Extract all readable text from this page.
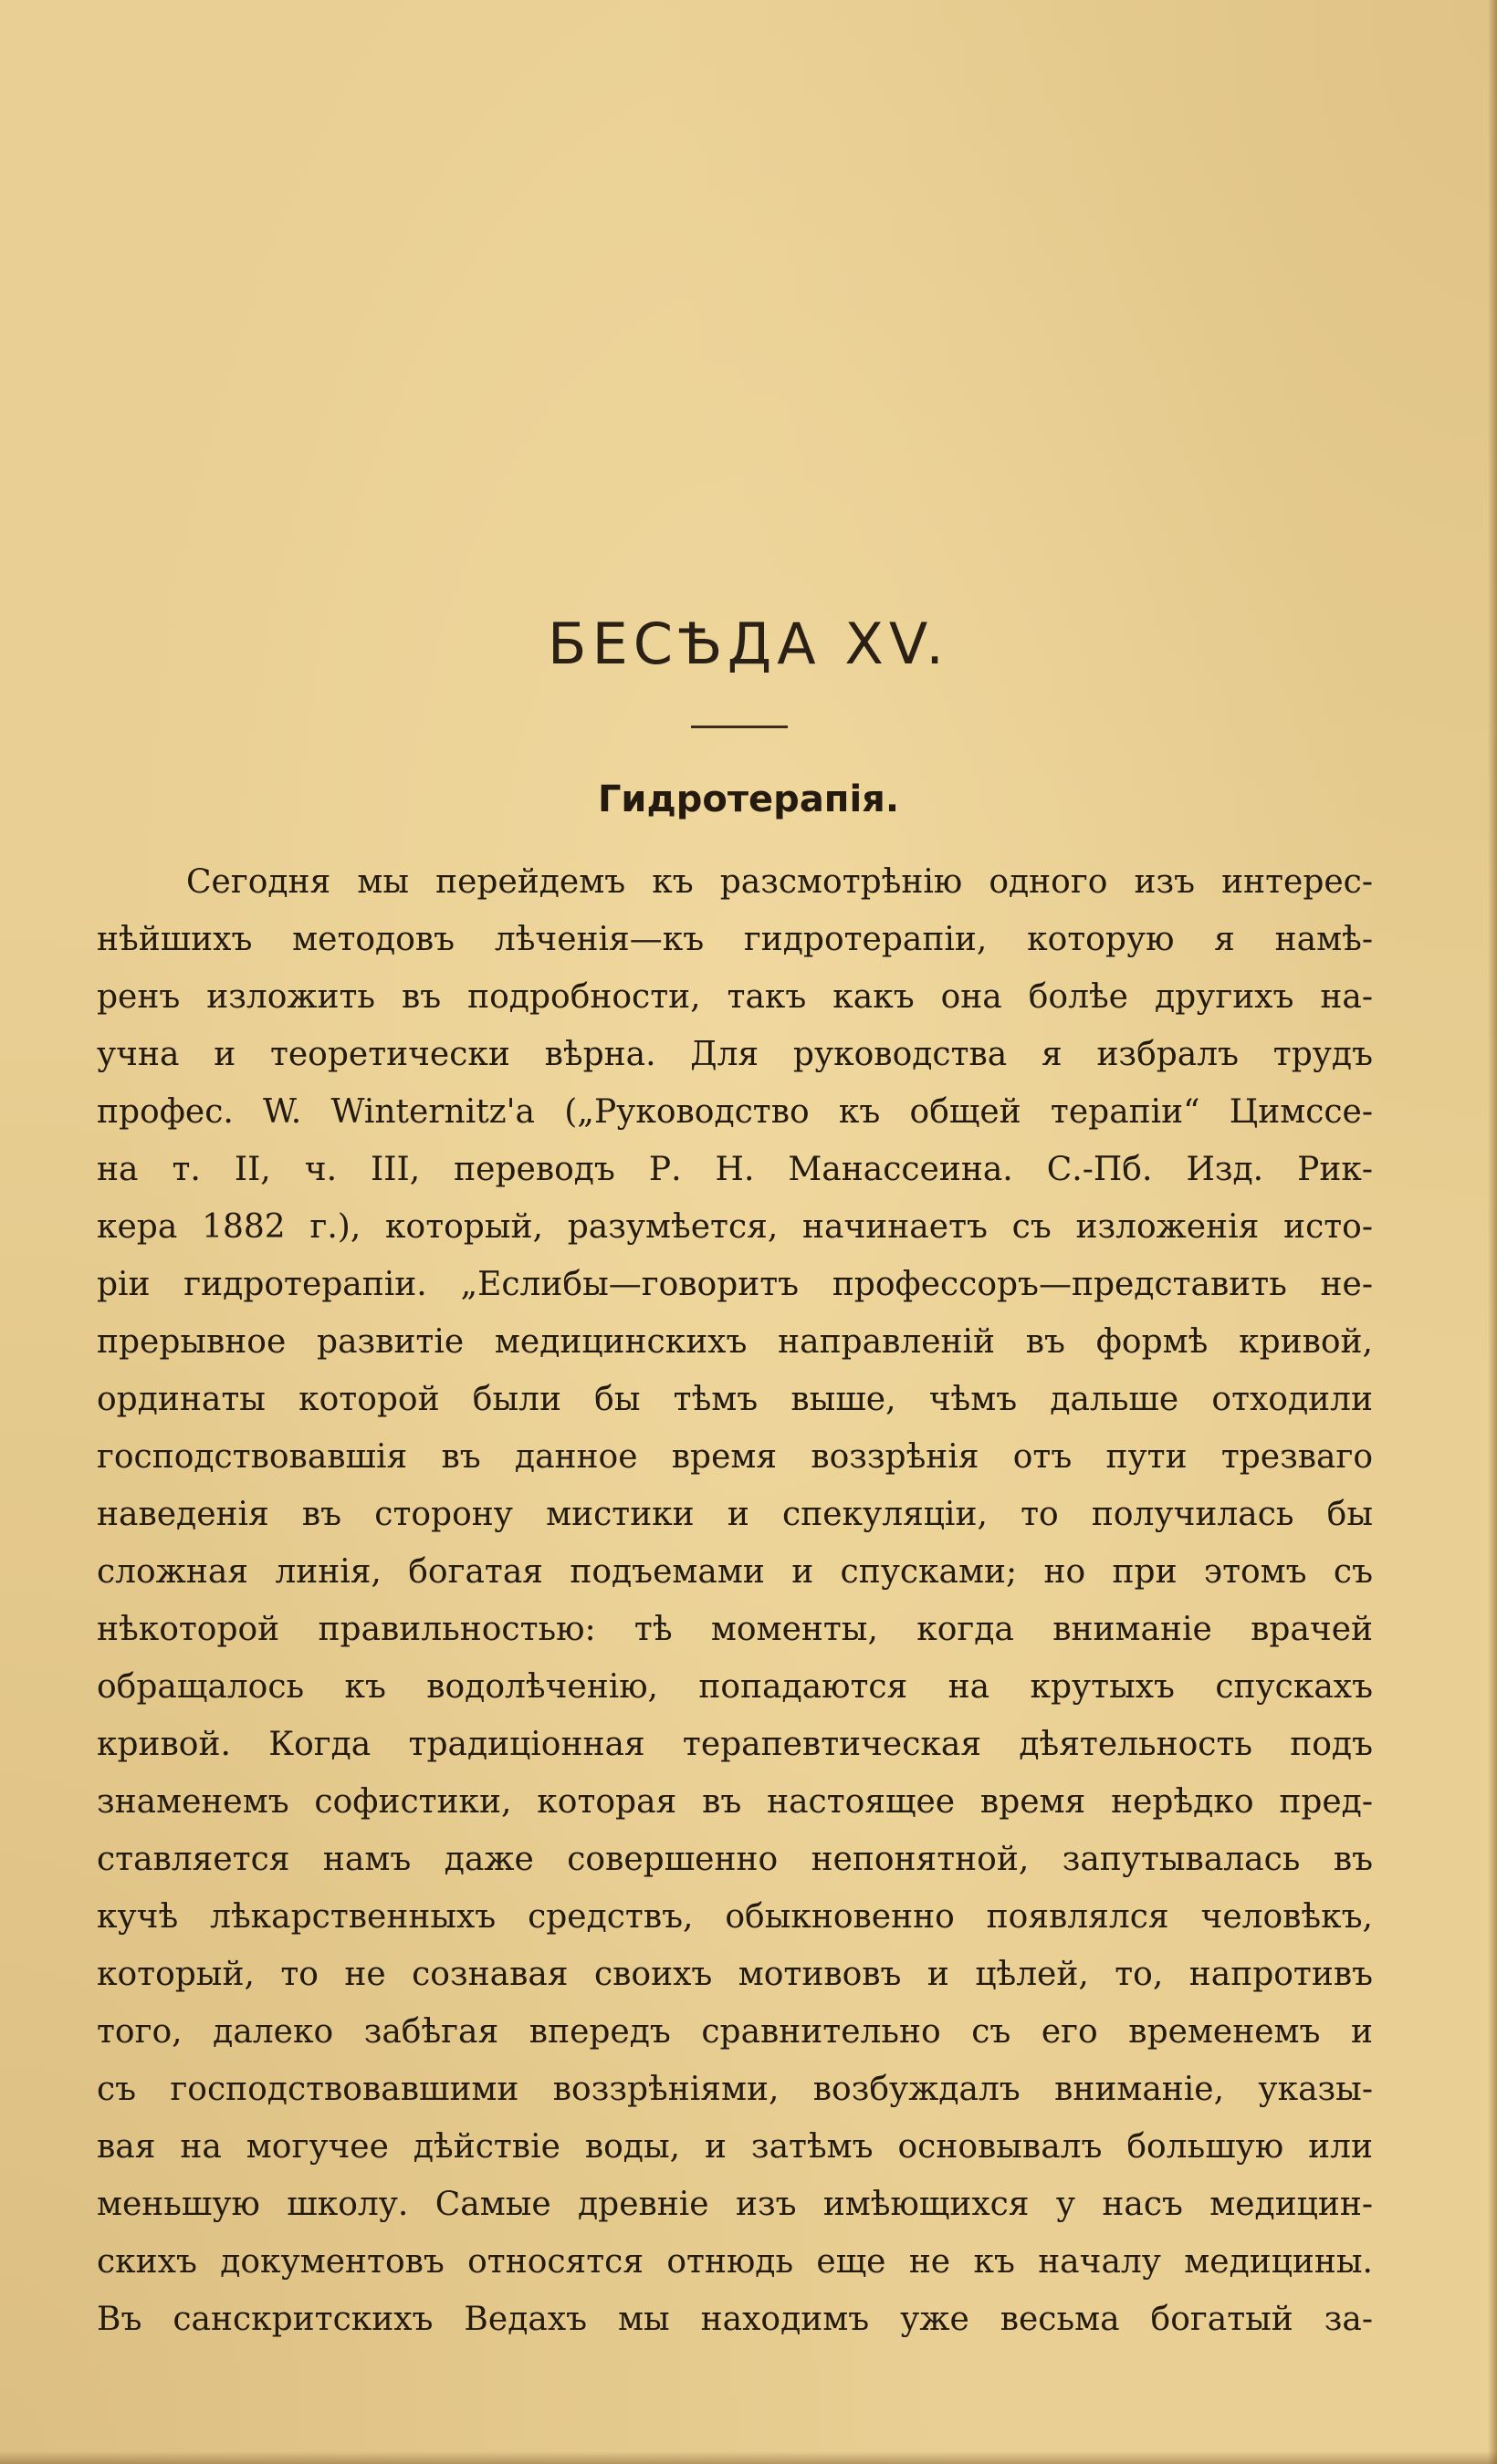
БЕСѢДА XV.
Гидротерапія.
Сегодня мы перейдемъ къ разсмотрѣнію одного изъ интерес-
нѣйшихъ методовъ лѣченія—къ гидротерапіи, которую я намѣ-
ренъ изложить въ подробности, такъ какъ она болѣе другихъ на-
учна и теоретически вѣрна. Для руководства я избралъ трудъ
профес. W. Winternitz'а („Руководство къ общей терапіи“ Цимссе-
на т. II, ч. III, переводъ Р. Н. Манассеина. С.-Пб. Изд. Рик-
кера 1882 г.), который, разумѣется, начинаетъ съ изложенія исто-
ріи гидротерапіи. „Еслибы—говоритъ профессоръ—представить не-
прерывное развитіе медицинскихъ направленій въ формѣ кривой,
ординаты которой были бы тѣмъ выше, чѣмъ дальше отходили
господствовавшія въ данное время воззрѣнія отъ пути трезваго
наведенія въ сторону мистики и спекуляціи, то получилась бы
сложная линія, богатая подъемами и спусками; но при этомъ съ
нѣкоторой правильностью: тѣ моменты, когда вниманіе врачей
обращалось къ водолѣченію, попадаются на крутыхъ спускахъ
кривой. Когда традиціонная терапевтическая дѣятельность подъ
знаменемъ софистики, которая въ настоящее время нерѣдко пред-
ставляется намъ даже совершенно непонятной, запутывалась въ
кучѣ лѣкарственныхъ средствъ, обыкновенно появлялся человѣкъ,
который, то не сознавая своихъ мотивовъ и цѣлей, то, напротивъ
того, далеко забѣгая впередъ сравнительно съ его временемъ и
съ господствовавшими воззрѣніями, возбуждалъ вниманіе, указы-
вая на могучее дѣйствіе воды, и затѣмъ основывалъ большую или
меньшую школу. Самые древніе изъ имѣющихся у насъ медицин-
скихъ документовъ относятся отнюдь еще не къ началу медицины.
Въ санскритскихъ Ведахъ мы находимъ уже весьма богатый за-
